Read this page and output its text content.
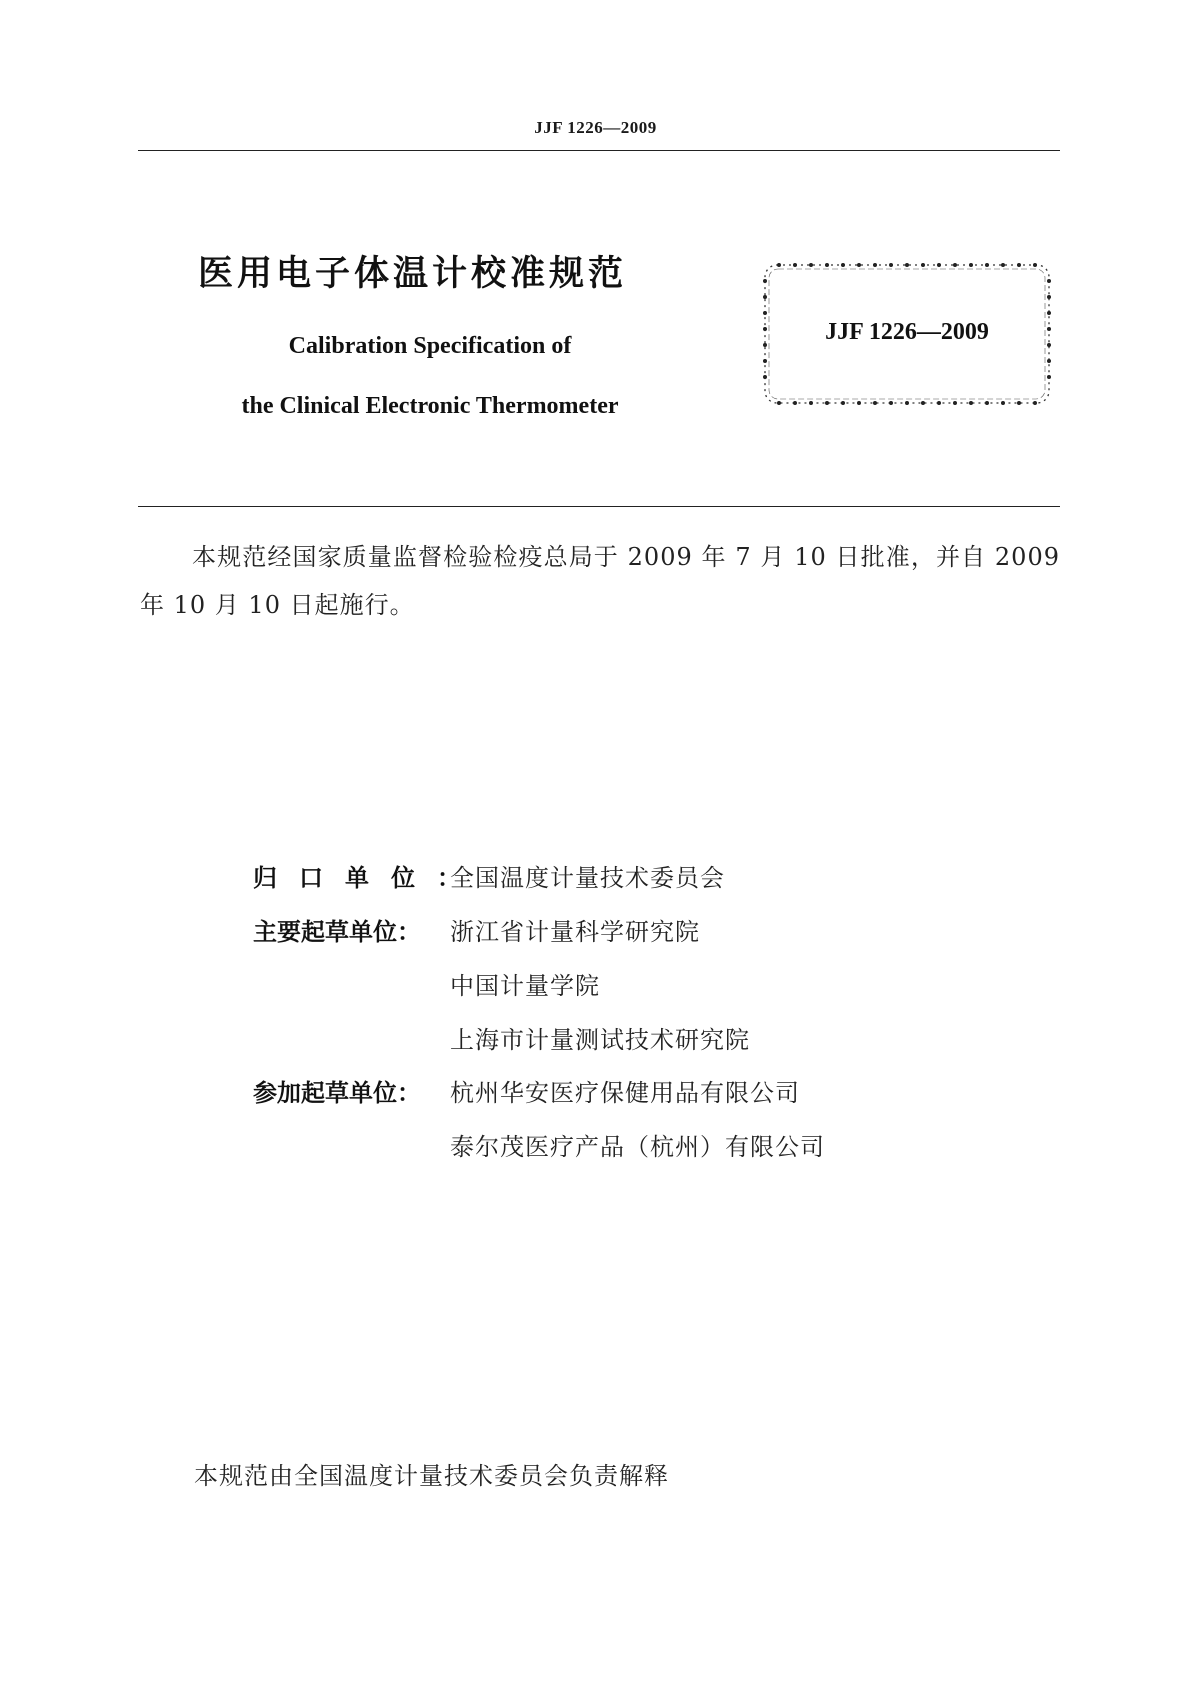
JJF 1226—2009
医用电子体温计校准规范
Calibration Specification of
the Clinical Electronic Thermometer
JJF 1226—2009
本规范经国家质量监督检验检疫总局于 2009 年 7 月 10 日批准，并自 2009 年 10 月 10 日起施行。
归口单位：
全国温度计量技术委员会
主要起草单位：	浙江省计量科学研究院
中国计量学院
上海市计量测试技术研究院
参加起草单位：	杭州华安医疗保健用品有限公司
泰尔茂医疗产品（杭州）有限公司
本规范由全国温度计量技术委员会负责解释
